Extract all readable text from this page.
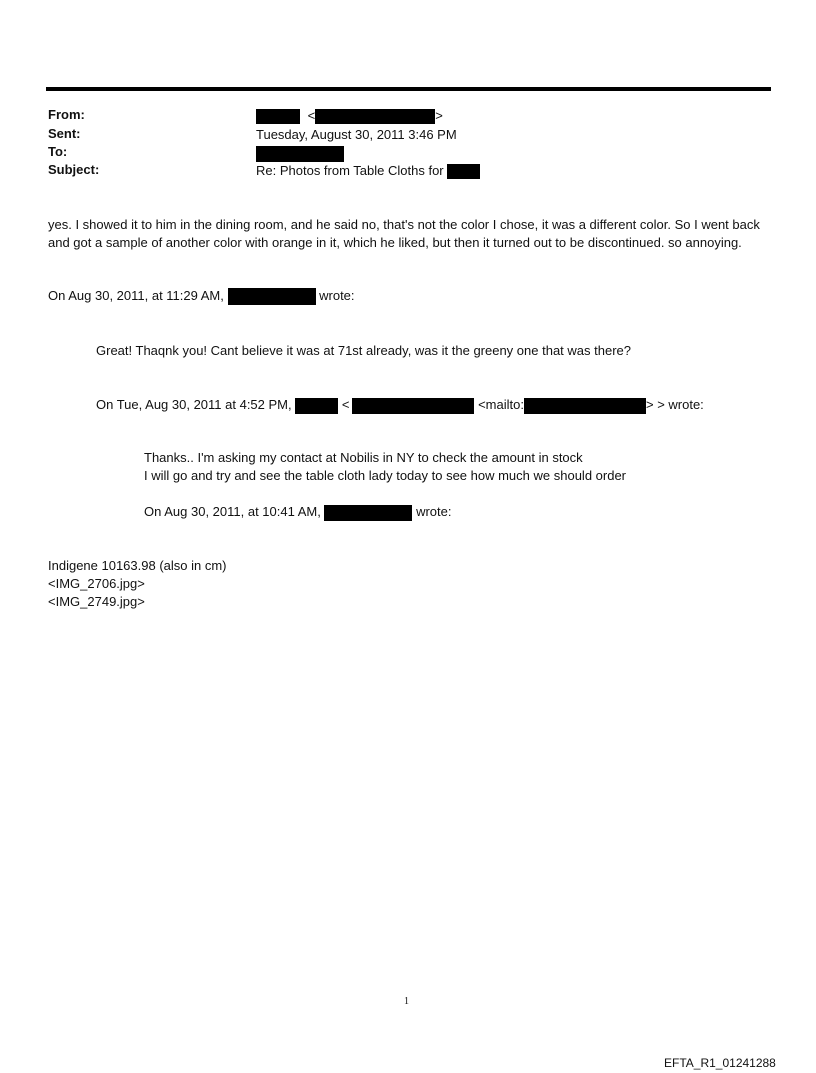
From:	<	>
Sent:	Tuesday, August 30, 2011 3:46 PM
To:
Subject:	Re: Photos from Table Cloths for
yes. I showed it to him in the dining room, and he said no, that's not the color I chose, it was a different color. So I went back and got a sample of another color with orange in it, which he liked, but then it turned out to be discontinued. so annoying.
On Aug 30, 2011, at 11:29 AM,	wrote:
Great! Thaqnk you! Cant believe it was at 71st already, was it the greeny one that was there?
On Tue, Aug 30, 2011 at 4:52 PM,	<	<mailto:	> > wrote:
Thanks.. I'm asking my contact at Nobilis in NY to check the amount in stock
I will go and try and see the table cloth lady today to see how much we should order
On Aug 30, 2011, at 10:41 AM,	wrote:
Indigene 10163.98 (also in cm)
<IMG_2706.jpg>
<IMG_2749.jpg>
1
EFTA_R1_01241288
